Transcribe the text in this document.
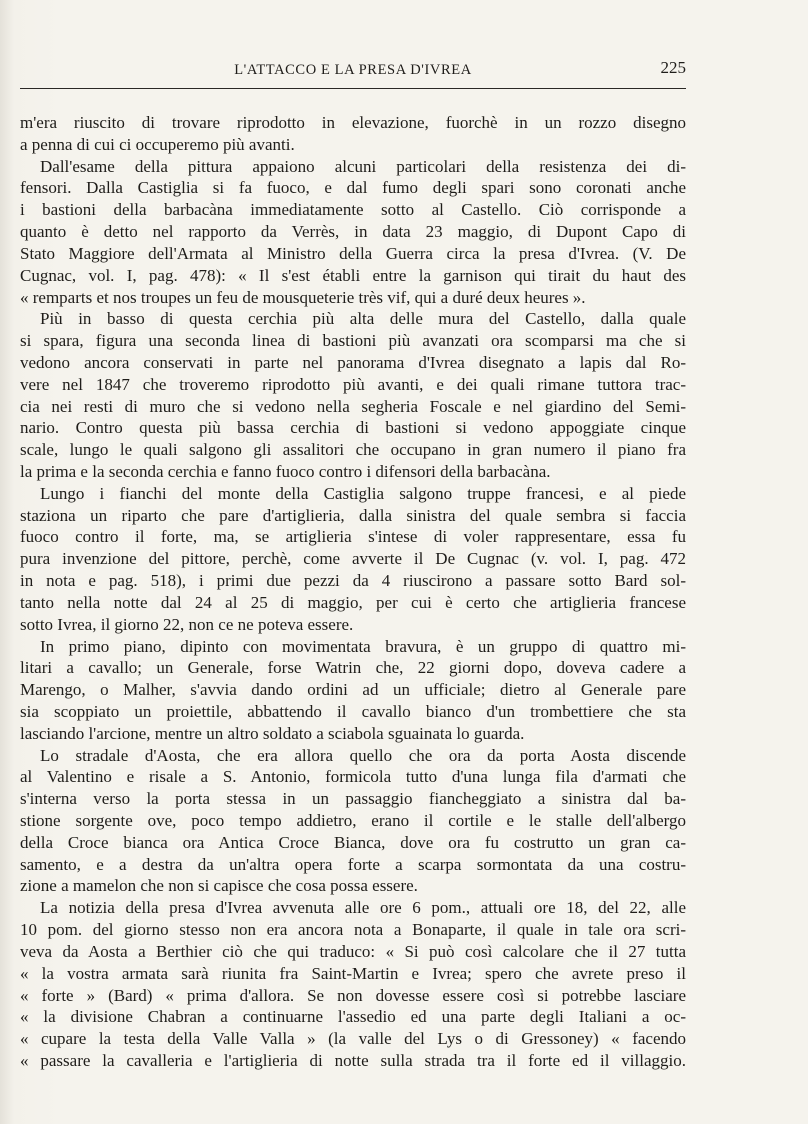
L'ATTACCO E LA PRESA D'IVREA	225
m'era riuscito di trovare riprodotto in elevazione, fuorchè in un rozzo disegno
a penna di cui ci occuperemo più avanti.
Dall'esame della pittura appaiono alcuni particolari della resistenza dei di-
fensori. Dalla Castiglia si fa fuoco, e dal fumo degli spari sono coronati anche
i bastioni della barbacàna immediatamente sotto al Castello. Ciò corrisponde a
quanto è detto nel rapporto da Verrès, in data 23 maggio, di Dupont Capo di
Stato Maggiore dell'Armata al Ministro della Guerra circa la presa d'Ivrea. (V. De
Cugnac, vol. I, pag. 478): « Il s'est établi entre la garnison qui tirait du haut des
« remparts et nos troupes un feu de mousqueterie très vif, qui a duré deux heures ».
Più in basso di questa cerchia più alta delle mura del Castello, dalla quale
si spara, figura una seconda linea di bastioni più avanzati ora scomparsi ma che si
vedono ancora conservati in parte nel panorama d'Ivrea disegnato a lapis dal Ro-
vere nel 1847 che troveremo riprodotto più avanti, e dei quali rimane tuttora trac-
cia nei resti di muro che si vedono nella segheria Foscale e nel giardino del Semi-
nario. Contro questa più bassa cerchia di bastioni si vedono appoggiate cinque
scale, lungo le quali salgono gli assalitori che occupano in gran numero il piano fra
la prima e la seconda cerchia e fanno fuoco contro i difensori della barbacàna.
Lungo i fianchi del monte della Castiglia salgono truppe francesi, e al piede
staziona un riparto che pare d'artiglieria, dalla sinistra del quale sembra si faccia
fuoco contro il forte, ma, se artiglieria s'intese di voler rappresentare, essa fu
pura invenzione del pittore, perchè, come avverte il De Cugnac (v. vol. I, pag. 472
in nota e pag. 518), i primi due pezzi da 4 riuscirono a passare sotto Bard sol-
tanto nella notte dal 24 al 25 di maggio, per cui è certo che artiglieria francese
sotto Ivrea, il giorno 22, non ce ne poteva essere.
In primo piano, dipinto con movimentata bravura, è un gruppo di quattro mi-
litari a cavallo; un Generale, forse Watrin che, 22 giorni dopo, doveva cadere a
Marengo, o Malher, s'avvia dando ordini ad un ufficiale; dietro al Generale pare
sia scoppiato un proiettile, abbattendo il cavallo bianco d'un trombettiere che sta
lasciando l'arcione, mentre un altro soldato a sciabola sguainata lo guarda.
Lo stradale d'Aosta, che era allora quello che ora da porta Aosta discende
al Valentino e risale a S. Antonio, formicola tutto d'una lunga fila d'armati che
s'interna verso la porta stessa in un passaggio fiancheggiato a sinistra dal ba-
stione sorgente ove, poco tempo addietro, erano il cortile e le stalle dell'albergo
della Croce bianca ora Antica Croce Bianca, dove ora fu costrutto un gran ca-
samento, e a destra da un'altra opera forte a scarpa sormontata da una costru-
zione a mamelon che non si capisce che cosa possa essere.
La notizia della presa d'Ivrea avvenuta alle ore 6 pom., attuali ore 18, del 22, alle
10 pom. del giorno stesso non era ancora nota a Bonaparte, il quale in tale ora scri-
veva da Aosta a Berthier ciò che qui traduco: « Si può così calcolare che il 27 tutta
« la vostra armata sarà riunita fra Saint-Martin e Ivrea; spero che avrete preso il
« forte » (Bard) « prima d'allora. Se non dovesse essere così si potrebbe lasciare
« la divisione Chabran a continuarne l'assedio ed una parte degli Italiani a oc-
« cupare la testa della Valle Valla » (la valle del Lys o di Gressoney) « facendo
« passare la cavalleria e l'artiglieria di notte sulla strada tra il forte ed il villaggio.
